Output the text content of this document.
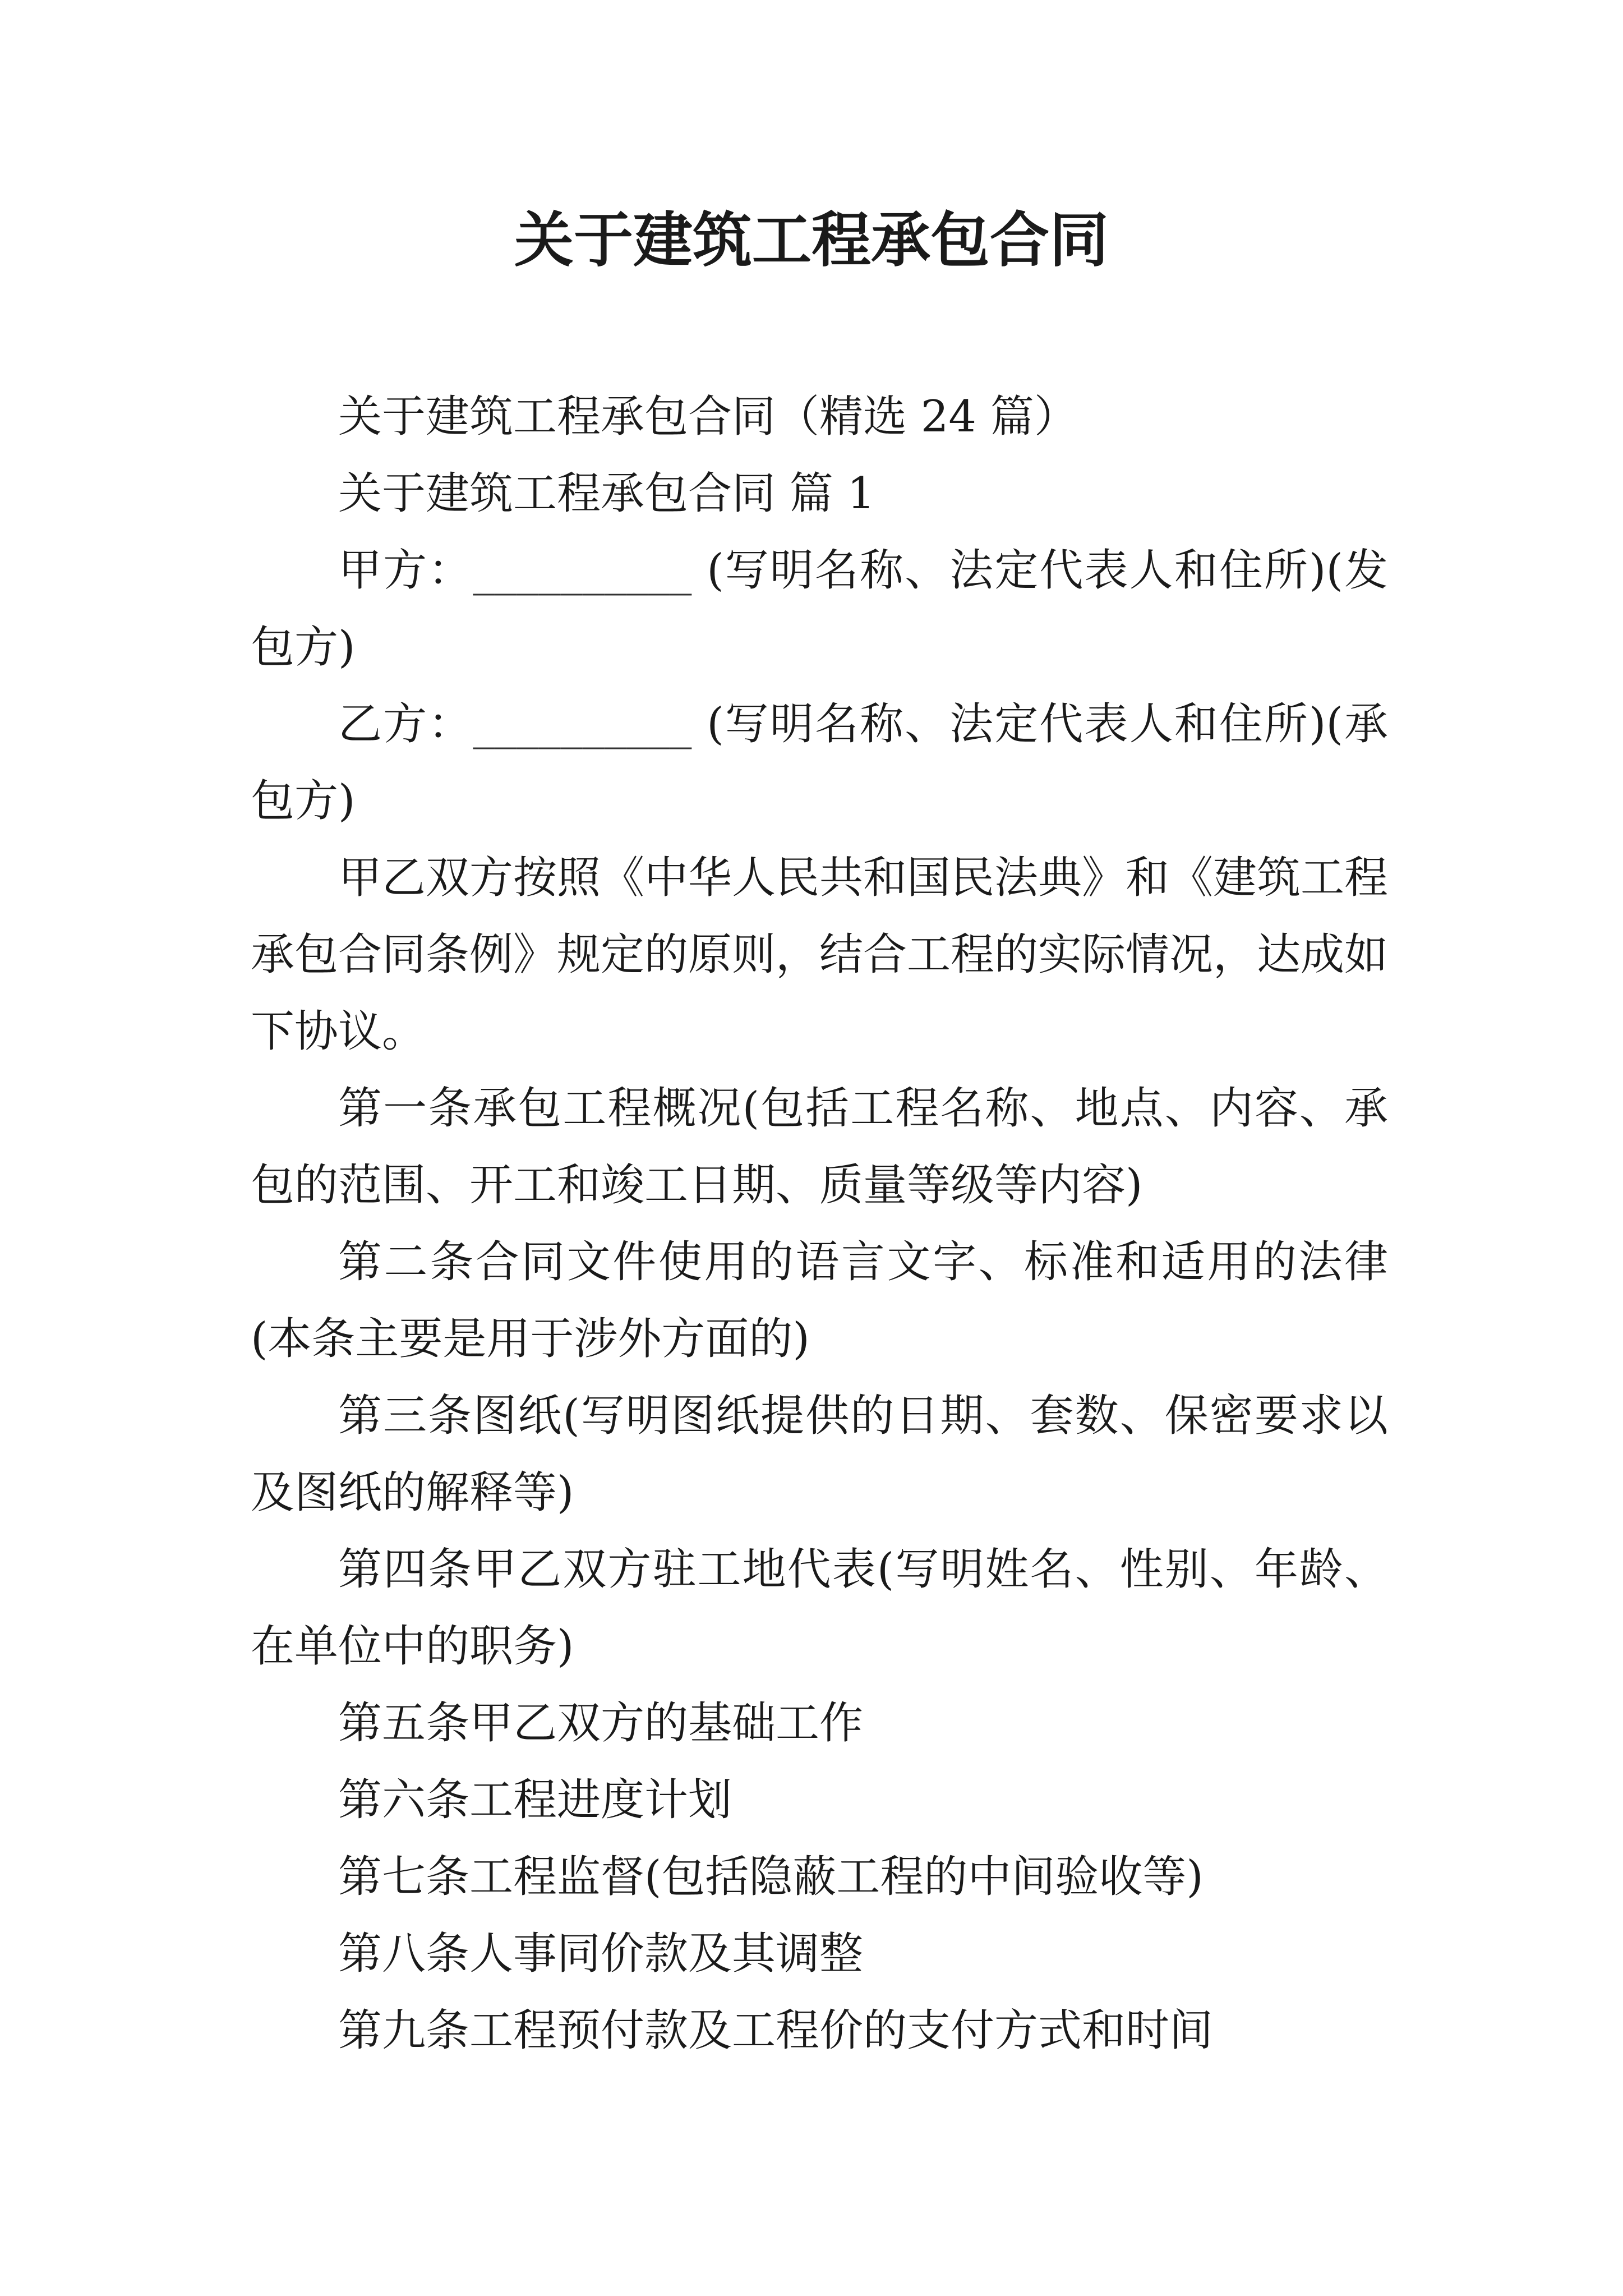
关于建筑工程承包合同

关于建筑工程承包合同（精选 24 篇）

关于建筑工程承包合同 篇 1

甲方：__________ (写明名称、法定代表人和住所)(发包方)

乙方：__________ (写明名称、法定代表人和住所)(承包方)

甲乙双方按照《中华人民共和国民法典》和《建筑工程承包合同条例》规定的原则，结合工程的实际情况，达成如下协议。

第一条承包工程概况(包括工程名称、地点、内容、承包的范围、开工和竣工日期、质量等级等内容)

第二条合同文件使用的语言文字、标准和适用的法律(本条主要是用于涉外方面的)

第三条图纸(写明图纸提供的日期、套数、保密要求以及图纸的解释等)

第四条甲乙双方驻工地代表(写明姓名、性别、年龄、在单位中的职务)

第五条甲乙双方的基础工作

第六条工程进度计划

第七条工程监督(包括隐蔽工程的中间验收等)

第八条人事同价款及其调整

第九条工程预付款及工程价的支付方式和时间
